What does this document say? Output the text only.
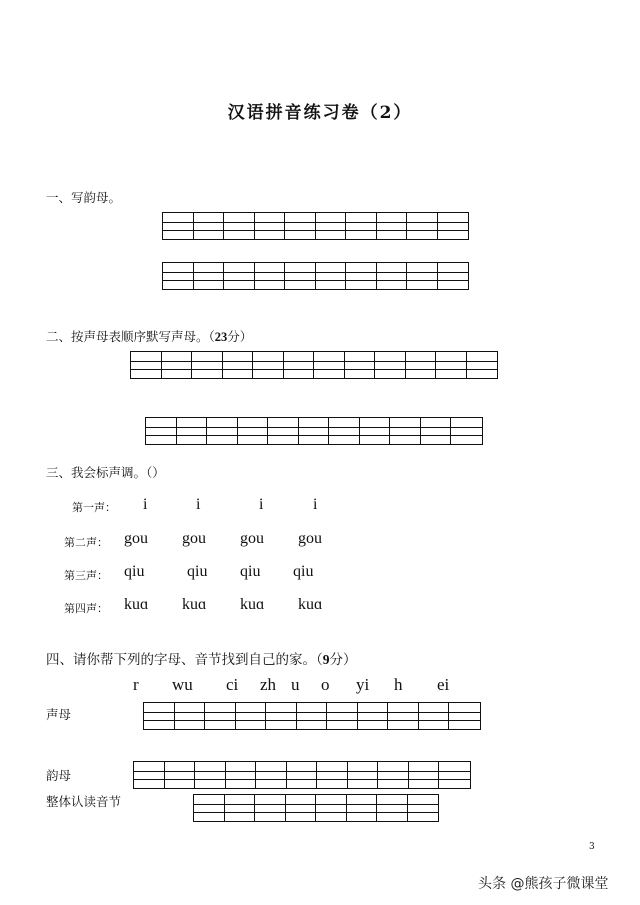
汉语拼音练习卷（2）
一、写韵母。
二、按声母表顺序默写声母。（23分）
三、我会标声调。（）
第一声： i	i	i	i
第二声： gou gou gou gou
第三声： qiu	qiu qiu qiu
第四声： kuɑ kuɑ kuɑ kuɑ
四、请你帮下列的字母、音节找到自己的家。（9分）
r wu ci zh u o yi h ei
声母
韵母
整体认读音节
3
头条 @熊孩子微课堂
